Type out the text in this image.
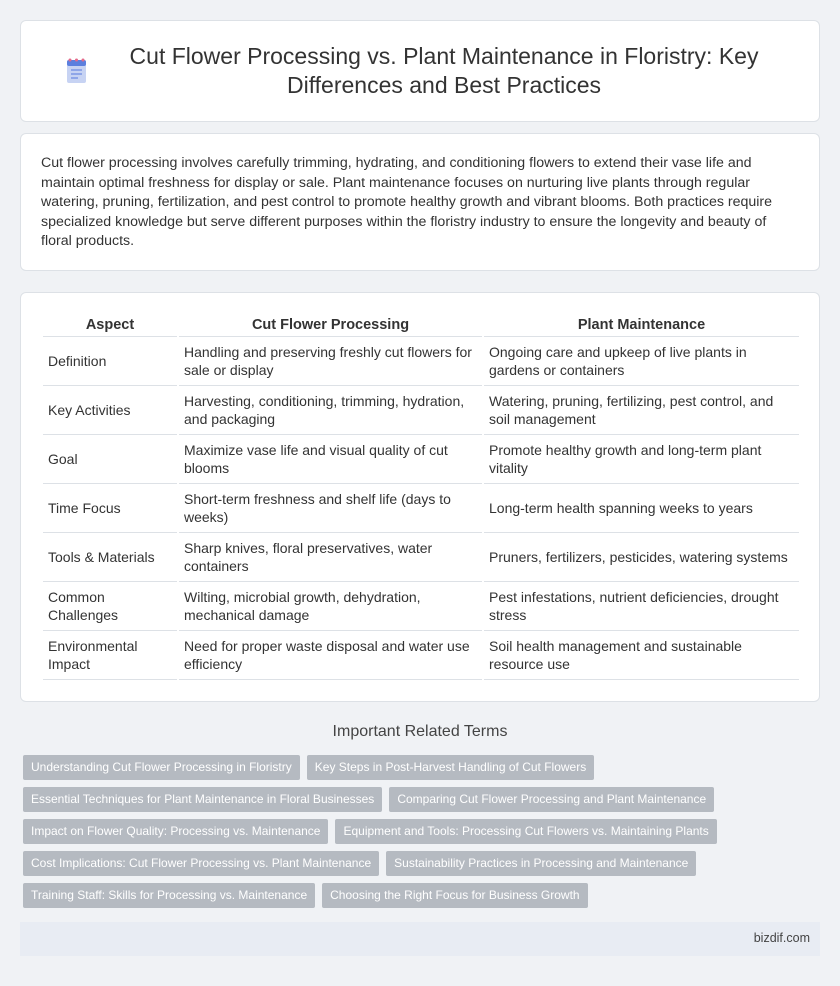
Cut Flower Processing vs. Plant Maintenance in Floristry: Key Differences and Best Practices

Cut flower processing involves carefully trimming, hydrating, and conditioning flowers to extend their vase life and maintain optimal freshness for display or sale. Plant maintenance focuses on nurturing live plants through regular watering, pruning, fertilization, and pest control to promote healthy growth and vibrant blooms. Both practices require specialized knowledge but serve different purposes within the floristry industry to ensure the longevity and beauty of floral products.

Aspect	Cut Flower Processing	Plant Maintenance
Definition	Handling and preserving freshly cut flowers for sale or display	Ongoing care and upkeep of live plants in gardens or containers
Key Activities	Harvesting, conditioning, trimming, hydration, and packaging	Watering, pruning, fertilizing, pest control, and soil management
Goal	Maximize vase life and visual quality of cut blooms	Promote healthy growth and long-term plant vitality
Time Focus	Short-term freshness and shelf life (days to weeks)	Long-term health spanning weeks to years
Tools & Materials	Sharp knives, floral preservatives, water containers	Pruners, fertilizers, pesticides, watering systems
Common Challenges	Wilting, microbial growth, dehydration, mechanical damage	Pest infestations, nutrient deficiencies, drought stress
Environmental Impact	Need for proper waste disposal and water use efficiency	Soil health management and sustainable resource use
Important Related Terms
Understanding Cut Flower Processing in Floristry	Key Steps in Post-Harvest Handling of Cut Flowers
Essential Techniques for Plant Maintenance in Floral Businesses	Comparing Cut Flower Processing and Plant Maintenance
Impact on Flower Quality: Processing vs. Maintenance	Equipment and Tools: Processing Cut Flowers vs. Maintaining Plants
Cost Implications: Cut Flower Processing vs. Plant Maintenance	Sustainability Practices in Processing and Maintenance
Training Staff: Skills for Processing vs. Maintenance	Choosing the Right Focus for Business Growth
bizdif.com
